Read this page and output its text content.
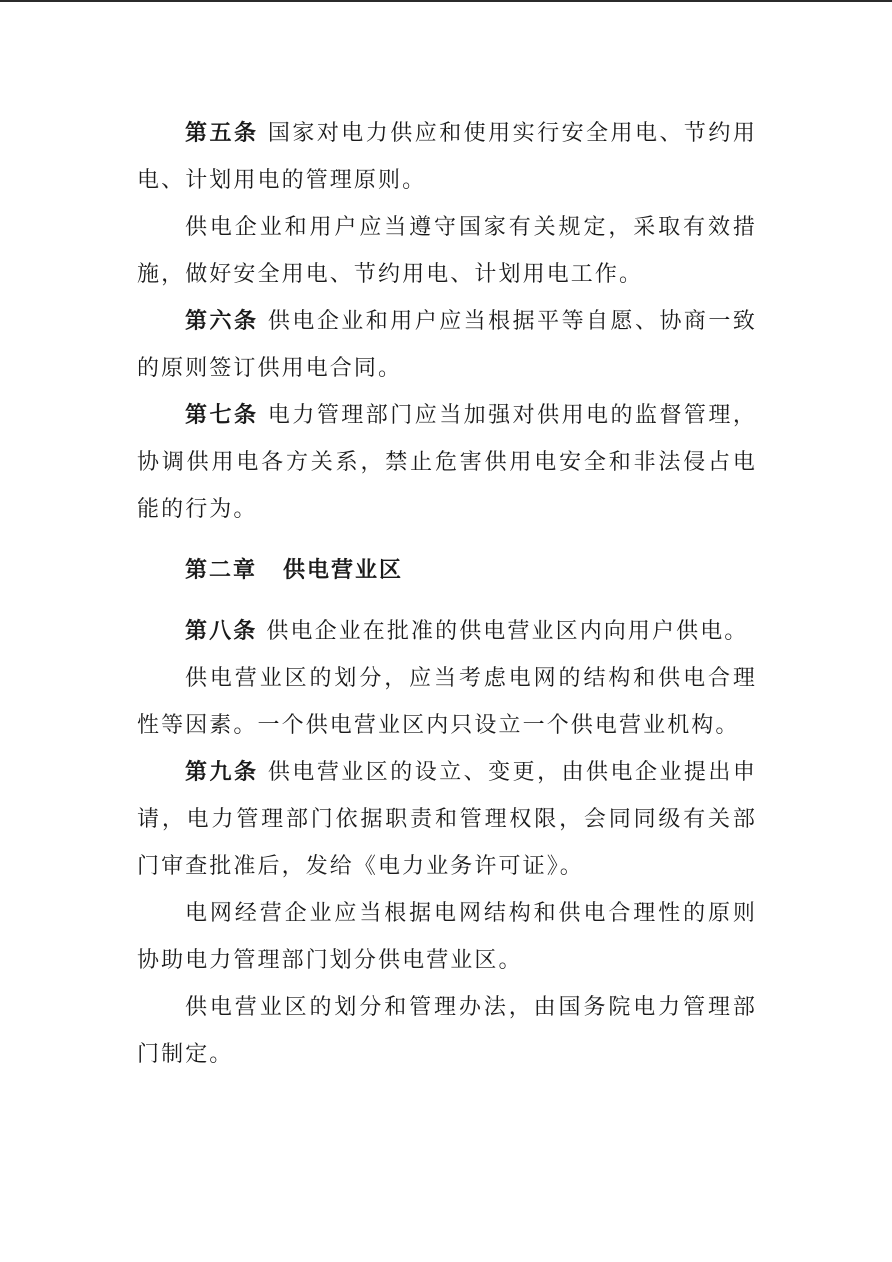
第五条 国家对电力供应和使用实行安全用电、节约用电、计划用电的管理原则。

供电企业和用户应当遵守国家有关规定，采取有效措施，做好安全用电、节约用电、计划用电工作。

第六条 供电企业和用户应当根据平等自愿、协商一致的原则签订供用电合同。

第七条 电力管理部门应当加强对供用电的监督管理，协调供用电各方关系，禁止危害供用电安全和非法侵占电能的行为。

第二章 供电营业区

第八条 供电企业在批准的供电营业区内向用户供电。

供电营业区的划分，应当考虑电网的结构和供电合理性等因素。一个供电营业区内只设立一个供电营业机构。

第九条 供电营业区的设立、变更，由供电企业提出申请，电力管理部门依据职责和管理权限，会同同级有关部门审查批准后，发给《电力业务许可证》。

电网经营企业应当根据电网结构和供电合理性的原则协助电力管理部门划分供电营业区。

供电营业区的划分和管理办法，由国务院电力管理部门制定。
